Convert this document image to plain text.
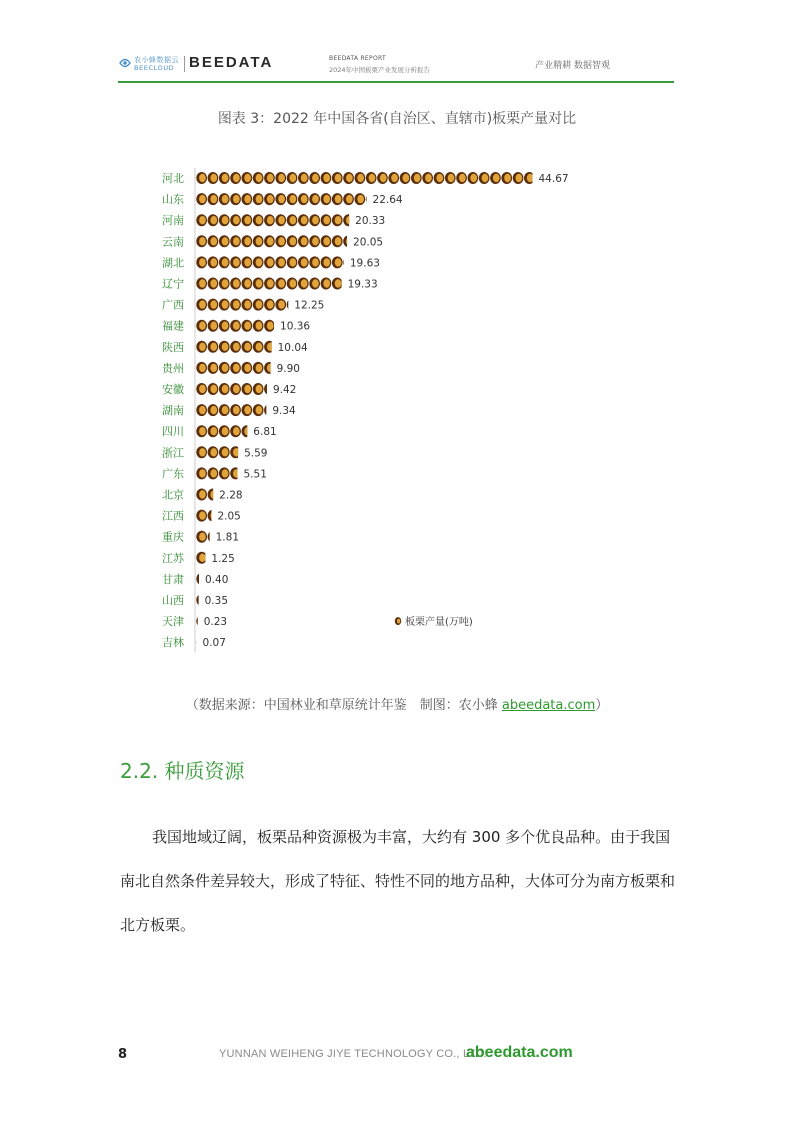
农小蜂数据云
BEECLOUD BEEDATA	BEEDATA REPORT
2024年中国板栗产业发展分析报告	产业精耕 数据智观
图表 3：2022 年中国各省(自治区、直辖市)板栗产量对比
河北	44.67
山东	22.64
河南	20.33
云南	20.05
湖北	19.63
辽宁	19.33
广西	12.25
福建	10.36
陕西	10.04
贵州	9.90
安徽	9.42
湖南	9.34
四川	6.81
浙江	5.59
广东	5.51
北京	2.28
江西	2.05
重庆	1.81
江苏	1.25
甘肃 0.40
山西 0.35
天津 0.23
吉林 0.07
板栗产量(万吨)
（数据来源：中国林业和草原统计年鉴　制图：农小蜂 abeedata.com）
2.2. 种质资源
我国地域辽阔，板栗品种资源极为丰富，大约有 300 多个优良品种。由于我国南北自然条件差异较大，形成了特征、特性不同的地方品种，大体可分为南方板栗和北方板栗。
8	YUNNAN WEIHENG JIYE TECHNOLOGY CO., LTD.
abeedata.com
